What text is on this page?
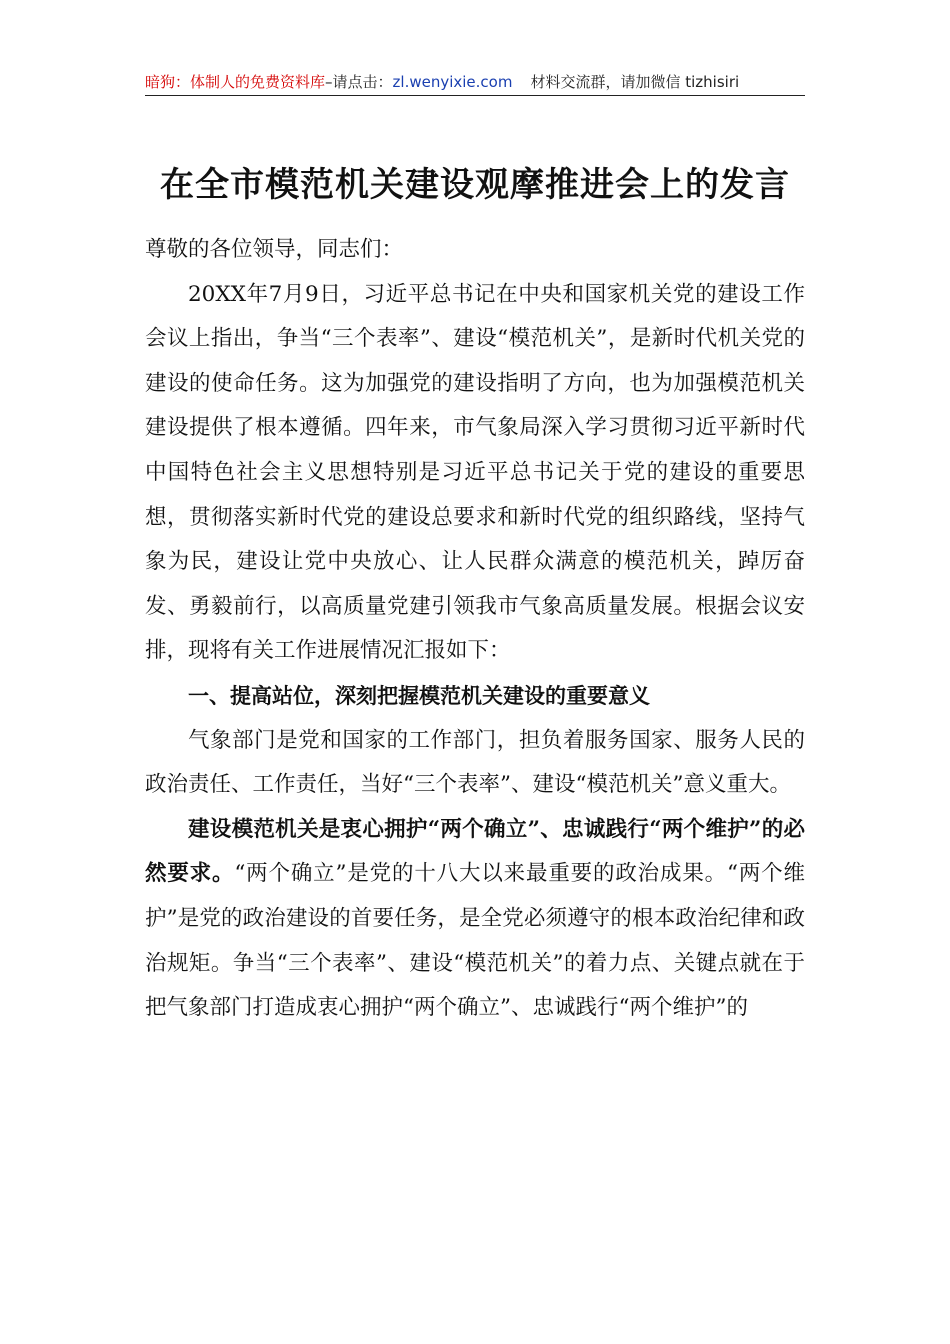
暗狗：体制人的免费资料库–请点击：zl.wenyixie.com 材料交流群，请加微信 tizhisiri
在全市模范机关建设观摩推进会上的发言

尊敬的各位领导，同志们：

20XX年7月9日，习近平总书记在中央和国家机关党的建设工作会议上指出，争当“三个表率”、建设“模范机关”，是新时代机关党的建设的使命任务。这为加强党的建设指明了方向，也为加强模范机关建设提供了根本遵循。四年来，市气象局深入学习贯彻习近平新时代中国特色社会主义思想特别是习近平总书记关于党的建设的重要思想，贯彻落实新时代党的建设总要求和新时代党的组织路线，坚持气象为民，建设让党中央放心、让人民群众满意的模范机关，踔厉奋发、勇毅前行，以高质量党建引领我市气象高质量发展。根据会议安排，现将有关工作进展情况汇报如下：

一、提高站位，深刻把握模范机关建设的重要意义

气象部门是党和国家的工作部门，担负着服务国家、服务人民的政治责任、工作责任，当好“三个表率”、建设“模范机关”意义重大。

建设模范机关是衷心拥护“两个确立”、忠诚践行“两个维护”的必然要求。“两个确立”是党的十八大以来最重要的政治成果。“两个维护”是党的政治建设的首要任务，是全党必须遵守的根本政治纪律和政治规矩。争当“三个表率”、建设“模范机关”的着力点、关键点就在于把气象部门打造成衷心拥护“两个确立”、忠诚践行“两个维护”的
